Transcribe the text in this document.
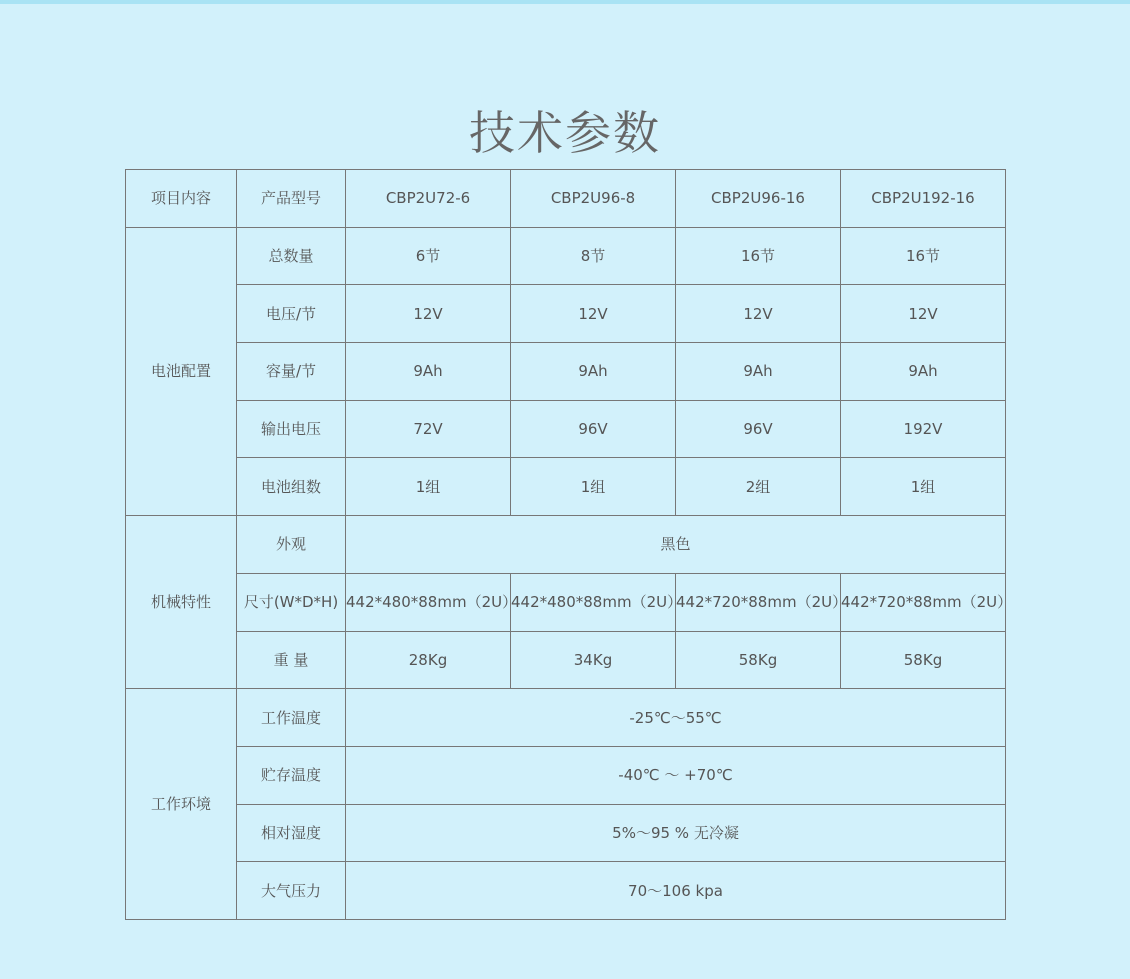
技术参数
项目内容	产品型号	CBP2U72-6	CBP2U96-8	CBP2U96-16	CBP2U192-16
电池配置	总数量	6节	8节	16节	16节
	电压/节	12V	12V	12V	12V
	容量/节	9Ah	9Ah	9Ah	9Ah
	输出电压	72V	96V	96V	192V
	电池组数	1组	1组	2组	1组
机械特性	外观	黑色			
	尺寸(W*D*H)	442*480*88mm（2U）	442*480*88mm（2U）	442*720*88mm（2U）	442*720*88mm（2U）
	重 量	28Kg	34Kg	58Kg	58Kg
工作环境	工作温度	-25℃～55℃			
	贮存温度	-40℃ ～ +70℃			
	相对湿度	5%～95 % 无冷凝			
	大气压力	70～106 kpa			
